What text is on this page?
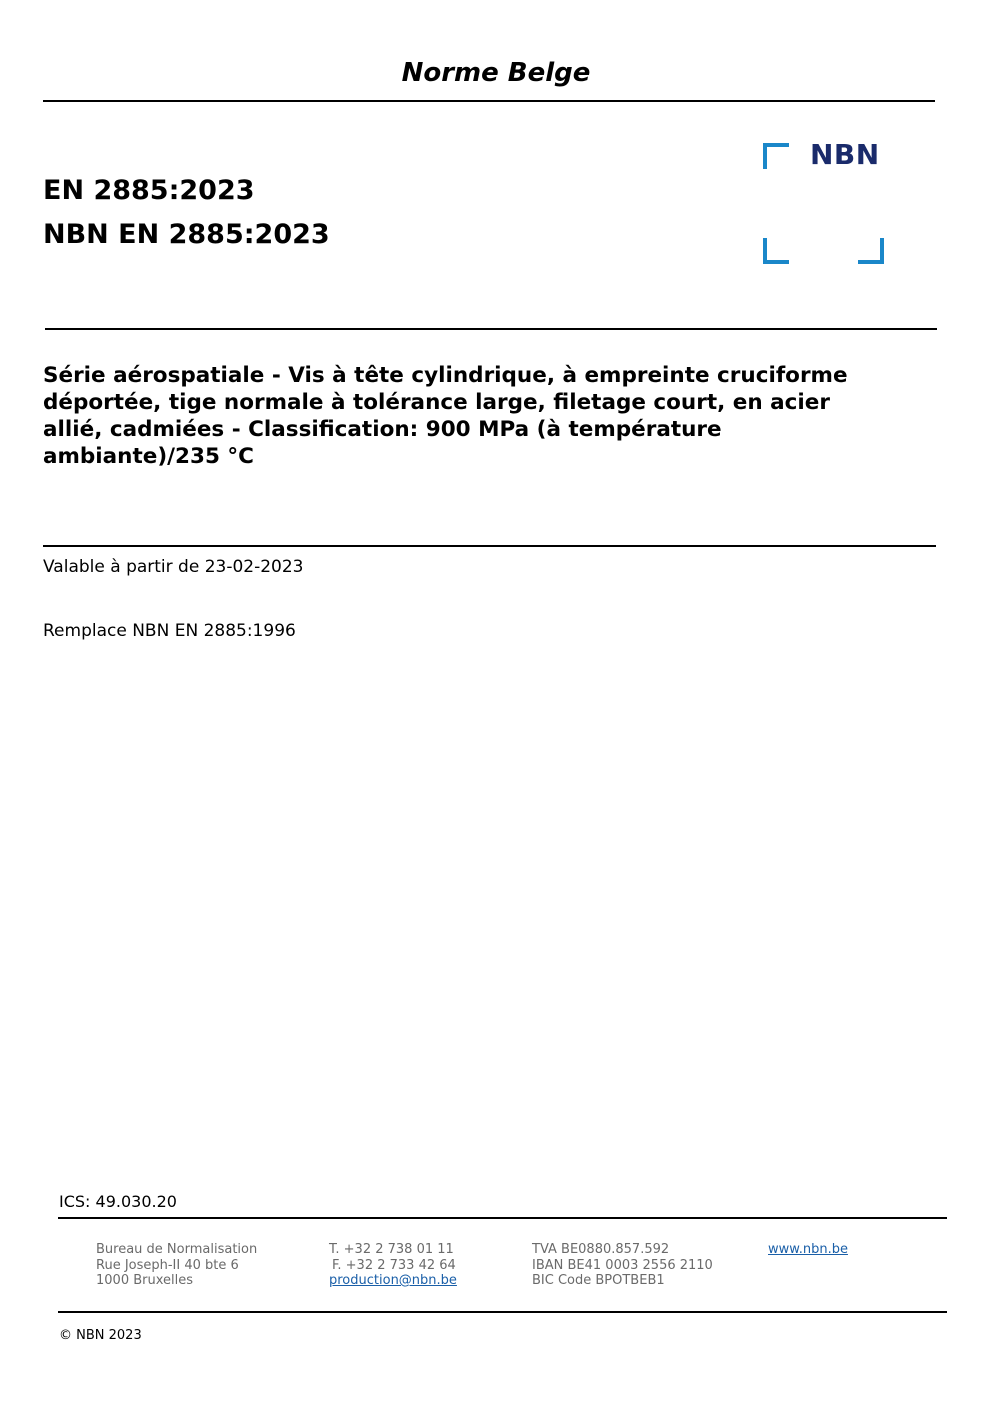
Norme Belge
EN 2885:2023
NBN EN 2885:2023
NBN
Série aérospatiale - Vis à tête cylindrique, à empreinte cruciforme déportée, tige normale à tolérance large, filetage court, en acier allié, cadmiées - Classification: 900 MPa (à température ambiante)/235 °C
Valable à partir de 23-02-2023
Remplace NBN EN 2885:1996
ICS: 49.030.20
Bureau de Normalisation
Rue Joseph-II 40 bte 6
1000 Bruxelles
T. +32 2 738 01 11
F. +32 2 733 42 64
production@nbn.be
TVA BE0880.857.592
IBAN BE41 0003 2556 2110
BIC Code BPOTBEB1
www.nbn.be
© NBN 2023
